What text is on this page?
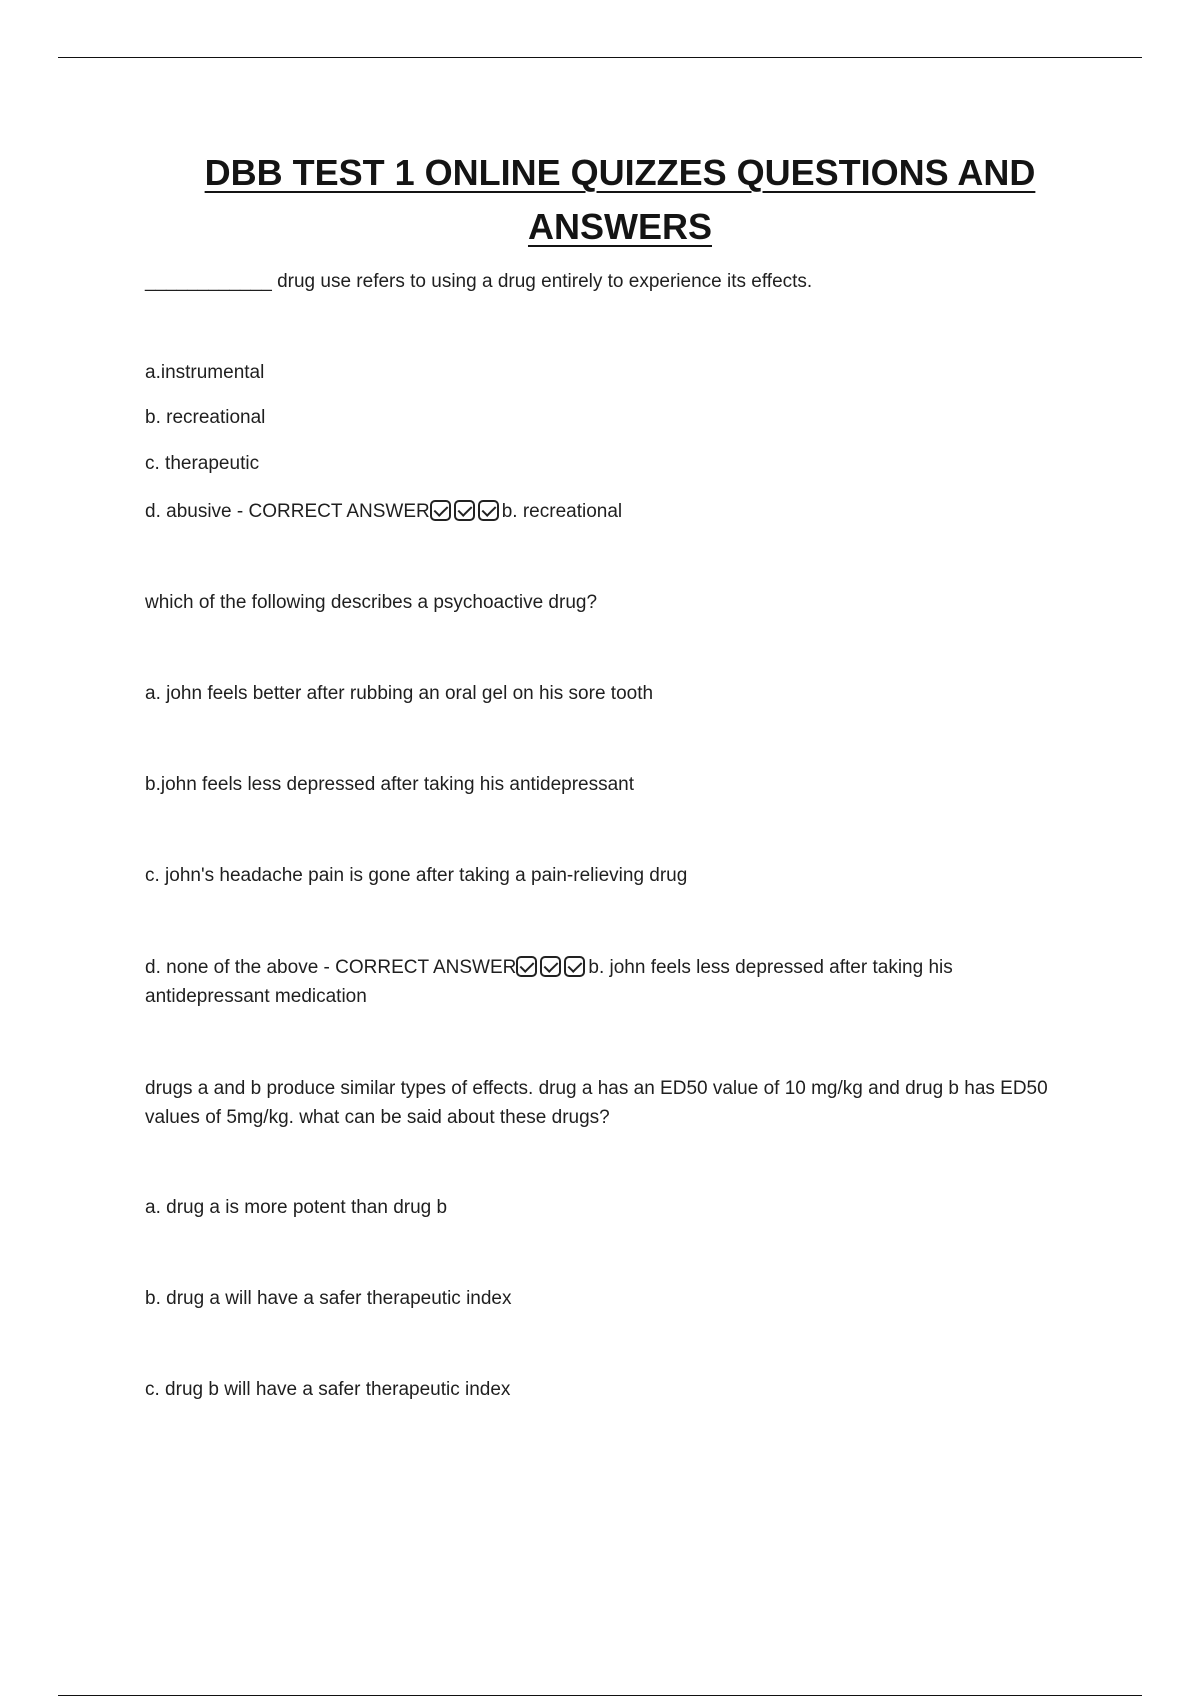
DBB TEST 1 ONLINE QUIZZES QUESTIONS AND
ANSWERS
____________ drug use refers to using a drug entirely to experience its effects.
a.instrumental
b. recreational
c. therapeutic
d. abusive - CORRECT ANSWER	b. recreational
which of the following describes a psychoactive drug?
a. john feels better after rubbing an oral gel on his sore tooth
b.john feels less depressed after taking his antidepressant
c. john's headache pain is gone after taking a pain-relieving drug
d. none of the above - CORRECT ANSWER	b. john feels less depressed after taking his antidepressant medication
drugs a and b produce similar types of effects. drug a has an ED50 value of 10 mg/kg and drug b has ED50 values of 5mg/kg. what can be said about these drugs?
a. drug a is more potent than drug b
b. drug a will have a safer therapeutic index
c. drug b will have a safer therapeutic index
